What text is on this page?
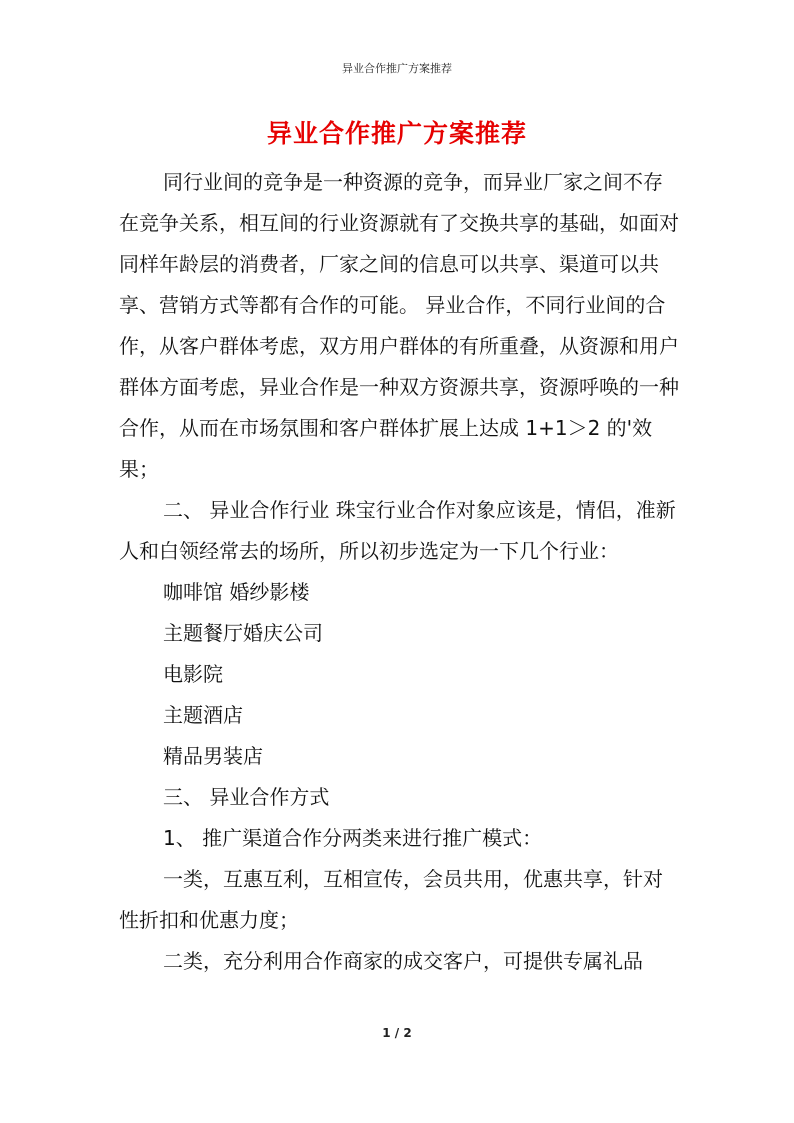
异业合作推广方案推荐
异业合作推广方案推荐

同行业间的竞争是一种资源的竞争，而异业厂家之间不存在竞争关系，相互间的行业资源就有了交换共享的基础，如面对同样年龄层的消费者，厂家之间的信息可以共享、渠道可以共享、营销方式等都有合作的可能。 异业合作，不同行业间的合作，从客户群体考虑，双方用户群体的有所重叠，从资源和用户群体方面考虑，异业合作是一种双方资源共享，资源呼唤的一种合作，从而在市场氛围和客户群体扩展上达成 1+1＞2 的'效果；

二、 异业合作行业 珠宝行业合作对象应该是，情侣，准新人和白领经常去的场所，所以初步选定为一下几个行业：

咖啡馆 婚纱影楼

主题餐厅婚庆公司

电影院

主题酒店

精品男装店

三、 异业合作方式

1、 推广渠道合作分两类来进行推广模式：

一类，互惠互利，互相宣传，会员共用，优惠共享，针对性折扣和优惠力度；

二类，充分利用合作商家的成交客户，可提供专属礼品

1 / 2
